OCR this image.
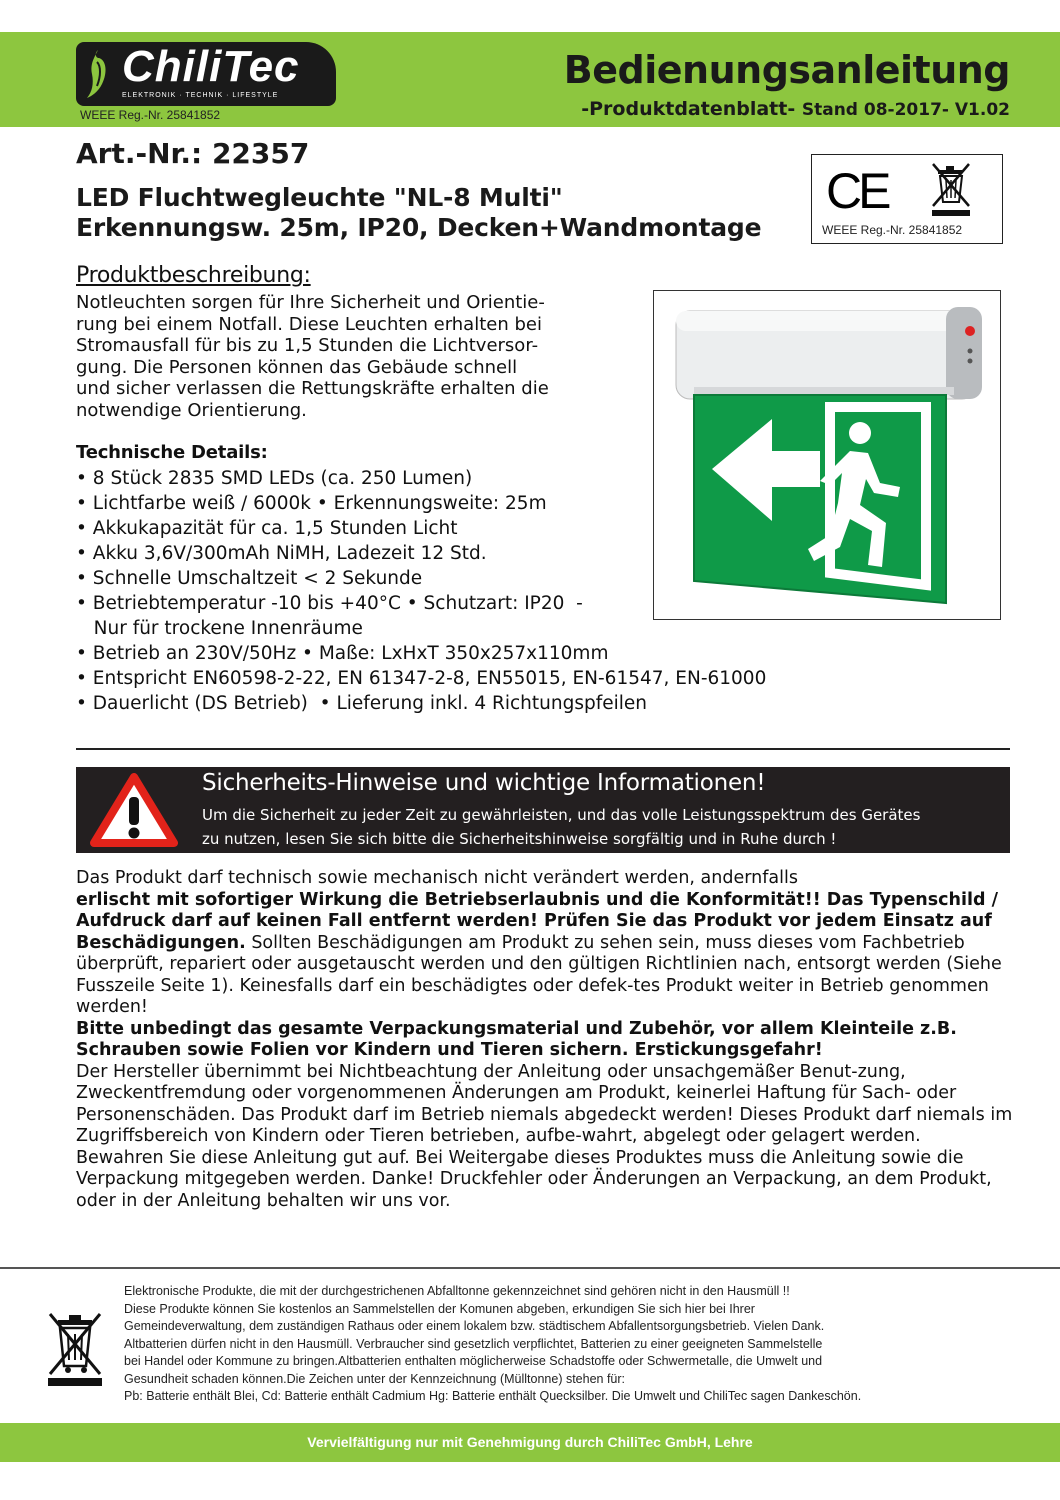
ChiliTec
ELEKTRONIK · TECHNIK · LIFESTYLE
WEEE Reg.-Nr. 25841852
Bedienungsanleitung
-Produktdatenblatt- Stand 08-2017- V1.02
Art.-Nr.: 22357
LED Fluchtwegleuchte "NL-8 Multi"
Erkennungsw. 25m, IP20, Decken+Wandmontage
CE
WEEE Reg.-Nr. 25841852
Produktbeschreibung:
Notleuchten sorgen für Ihre Sicherheit und Orientie-
rung bei einem Notfall. Diese Leuchten erhalten bei
Stromausfall für bis zu 1,5 Stunden die Lichtversor-
gung. Die Personen können das Gebäude schnell
und sicher verlassen die Rettungskräfte erhalten die
notwendige Orientierung.
Technische Details:
• 8 Stück 2835 SMD LEDs (ca. 250 Lumen)
• Lichtfarbe weiß / 6000k • Erkennungsweite: 25m
• Akkukapazität für ca. 1,5 Stunden Licht
• Akku 3,6V/300mAh NiMH, Ladezeit 12 Std.
• Schnelle Umschaltzeit < 2 Sekunde
• Betriebtemperatur -10 bis +40°C • Schutzart: IP20  -
Nur für trockene Innenräume
• Betrieb an 230V/50Hz • Maße: LxHxT 350x257x110mm
• Entspricht EN60598-2-22, EN 61347-2-8, EN55015, EN-61547, EN-61000
• Dauerlicht (DS Betrieb)  • Lieferung inkl. 4 Richtungspfeilen
Sicherheits-Hinweise und wichtige Informationen!
Um die Sicherheit zu jeder Zeit zu gewährleisten, und das volle Leistungsspektrum des Gerätes
zu nutzen, lesen Sie sich bitte die Sicherheitshinweise sorgfältig und in Ruhe durch !
Das Produkt darf technisch sowie mechanisch nicht verändert werden, andernfalls
erlischt mit sofortiger Wirkung die Betriebserlaubnis und die Konformität!! Das Typenschild / Aufdruck darf auf keinen Fall entfernt werden! Prüfen Sie das Produkt vor jedem Einsatz auf Beschädigungen. Sollten Beschädigungen am Produkt zu sehen sein, muss dieses vom Fachbetrieb überprüft, repariert oder ausgetauscht werden und den gültigen Richtlinien nach, entsorgt werden (Siehe Fusszeile Seite 1). Keinesfalls darf ein beschädigtes oder defek-tes Produkt weiter in Betrieb genommen werden!
Bitte unbedingt das gesamte Verpackungsmaterial und Zubehör, vor allem Kleinteile z.B. Schrauben sowie Folien vor Kindern und Tieren sichern. Erstickungsgefahr!
Der Hersteller übernimmt bei Nichtbeachtung der Anleitung oder unsachgemäßer Benut-zung, Zweckentfremdung oder vorgenommenen Änderungen am Produkt, keinerlei Haftung für Sach- oder Personenschäden. Das Produkt darf im Betrieb niemals abgedeckt werden! Dieses Produkt darf niemals im Zugriffsbereich von Kindern oder Tieren betrieben, aufbe-wahrt, abgelegt oder gelagert werden.
Bewahren Sie diese Anleitung gut auf. Bei Weitergabe dieses Produktes muss die Anleitung sowie die Verpackung mitgegeben werden. Danke! Druckfehler oder Änderungen an Verpackung, an dem Produkt, oder in der Anleitung behalten wir uns vor.
Elektronische Produkte, die mit der durchgestrichenen Abfalltonne gekennzeichnet sind gehören nicht in den Hausmüll !!
Diese Produkte können Sie kostenlos an Sammelstellen der Komunen abgeben, erkundigen Sie sich hier bei Ihrer
Gemeindeverwaltung, dem zuständigen Rathaus oder einem lokalem bzw. städtischem Abfallentsorgungsbetrieb. Vielen Dank.
Altbatterien dürfen nicht in den Hausmüll. Verbraucher sind gesetzlich verpflichtet, Batterien zu einer geeigneten Sammelstelle
bei Handel oder Kommune zu bringen.Altbatterien enthalten möglicherweise Schadstoffe oder Schwermetalle, die Umwelt und
Gesundheit schaden können.Die Zeichen unter der Kennzeichnung (Mülltonne) stehen für:
Pb: Batterie enthält Blei, Cd: Batterie enthält Cadmium Hg: Batterie enthält Quecksilber. Die Umwelt und ChiliTec sagen Dankeschön.
Vervielfältigung nur mit Genehmigung durch ChiliTec GmbH, Lehre
